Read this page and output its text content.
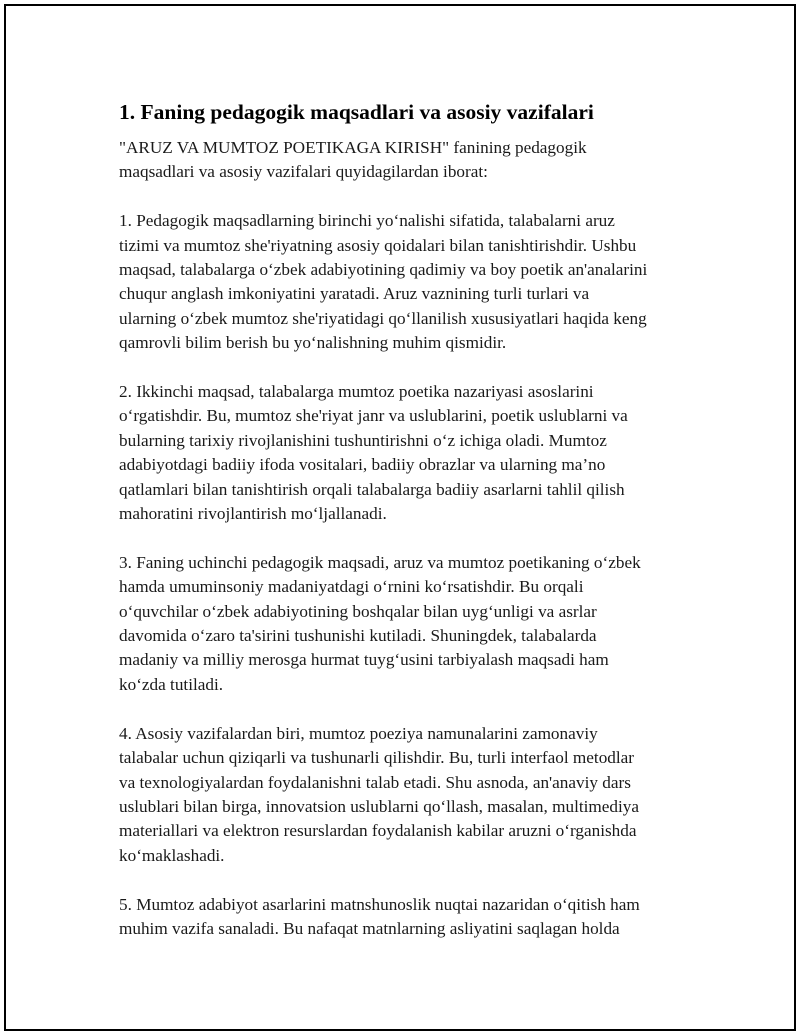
1. Faning pedagogik maqsadlari va asosiy vazifalari

"ARUZ VA MUMTOZ POETIKAGA KIRISH" fanining pedagogik
maqsadlari va asosiy vazifalari quyidagilardan iborat:

1. Pedagogik maqsadlarning birinchi yo‘nalishi sifatida, talabalarni aruz
tizimi va mumtoz she'riyatning asosiy qoidalari bilan tanishtirishdir. Ushbu
maqsad, talabalarga o‘zbek adabiyotining qadimiy va boy poetik an'analarini
chuqur anglash imkoniyatini yaratadi. Aruz vaznining turli turlari va
ularning o‘zbek mumtoz she'riyatidagi qo‘llanilish xususiyatlari haqida keng
qamrovli bilim berish bu yo‘nalishning muhim qismidir.

2. Ikkinchi maqsad, talabalarga mumtoz poetika nazariyasi asoslarini
o‘rgatishdir. Bu, mumtoz she'riyat janr va uslublarini, poetik uslublarni va
bularning tarixiy rivojlanishini tushuntirishni o‘z ichiga oladi. Mumtoz
adabiyotdagi badiiy ifoda vositalari, badiiy obrazlar va ularning ma’no
qatlamlari bilan tanishtirish orqali talabalarga badiiy asarlarni tahlil qilish
mahoratini rivojlantirish mo‘ljallanadi.

3. Faning uchinchi pedagogik maqsadi, aruz va mumtoz poetikaning o‘zbek
hamda umuminsoniy madaniyatdagi o‘rnini ko‘rsatishdir. Bu orqali
o‘quvchilar o‘zbek adabiyotining boshqalar bilan uyg‘unligi va asrlar
davomida o‘zaro ta'sirini tushunishi kutiladi. Shuningdek, talabalarda
madaniy va milliy merosga hurmat tuyg‘usini tarbiyalash maqsadi ham
ko‘zda tutiladi.

4. Asosiy vazifalardan biri, mumtoz poeziya namunalarini zamonaviy
talabalar uchun qiziqarli va tushunarli qilishdir. Bu, turli interfaol metodlar
va texnologiyalardan foydalanishni talab etadi. Shu asnoda, an'anaviy dars
uslublari bilan birga, innovatsion uslublarni qo‘llash, masalan, multimediya
materiallari va elektron resurslardan foydalanish kabilar aruzni o‘rganishda
ko‘maklashadi.

5. Mumtoz adabiyot asarlarini matnshunoslik nuqtai nazaridan o‘qitish ham
muhim vazifa sanaladi. Bu nafaqat matnlarning asliyatini saqlagan holda
